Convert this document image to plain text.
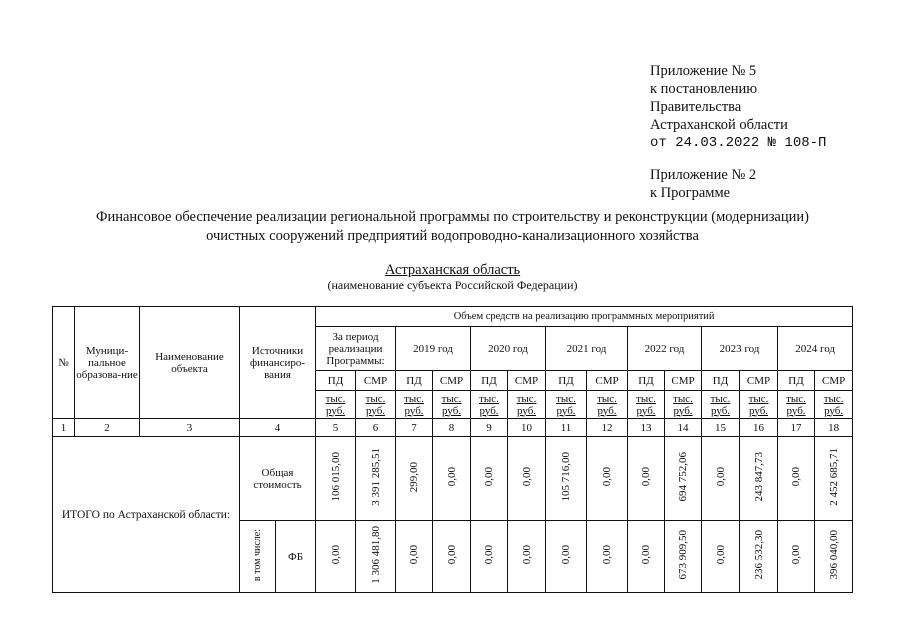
Приложение № 5
к постановлению
Правительства
Астраханской области
от 24.03.2022 № 108-П
Приложение № 2
к Программе
Финансовое обеспечение реализации региональной программы по строительству и реконструкции (модернизации)
очистных сооружений предприятий водопроводно-канализационного хозяйства
Астраханская область
(наименование субъекта Российской Федерации)
№	Муници-пальное образова-ние	Наименование объекта	Источники финансиро-вания		Объем средств на реализацию программных мероприятий													
					За период реализации Программы:		2019 год		2020 год		2021 год		2022 год		2023 год		2024 год	
					ПД	СМР	ПД	СМР	ПД	СМР	ПД	СМР	ПД	СМР	ПД	СМР	ПД	СМР
					тыс. руб.	тыс. руб.	тыс. руб.	тыс. руб.	тыс. руб.	тыс. руб.	тыс. руб.	тыс. руб.	тыс. руб.	тыс. руб.	тыс. руб.	тыс. руб.	тыс. руб.	тыс. руб.
1	2	3	4		5	6	7	8	9	10	11	12	13	14	15	16	17	18
ИТОГО по Астраханской области:			Общая стоимость		106 015,00	3 391 285,51	299,00	0,00	0,00	0,00	105 716,00	0,00	0,00	694 752,06	0,00	243 847,73	0,00	2 452 685,71
			в том числе:	ФБ	0,00	1 306 481,80	0,00	0,00	0,00	0,00	0,00	0,00	0,00	673 909,50	0,00	236 532,30	0,00	396 040,00
